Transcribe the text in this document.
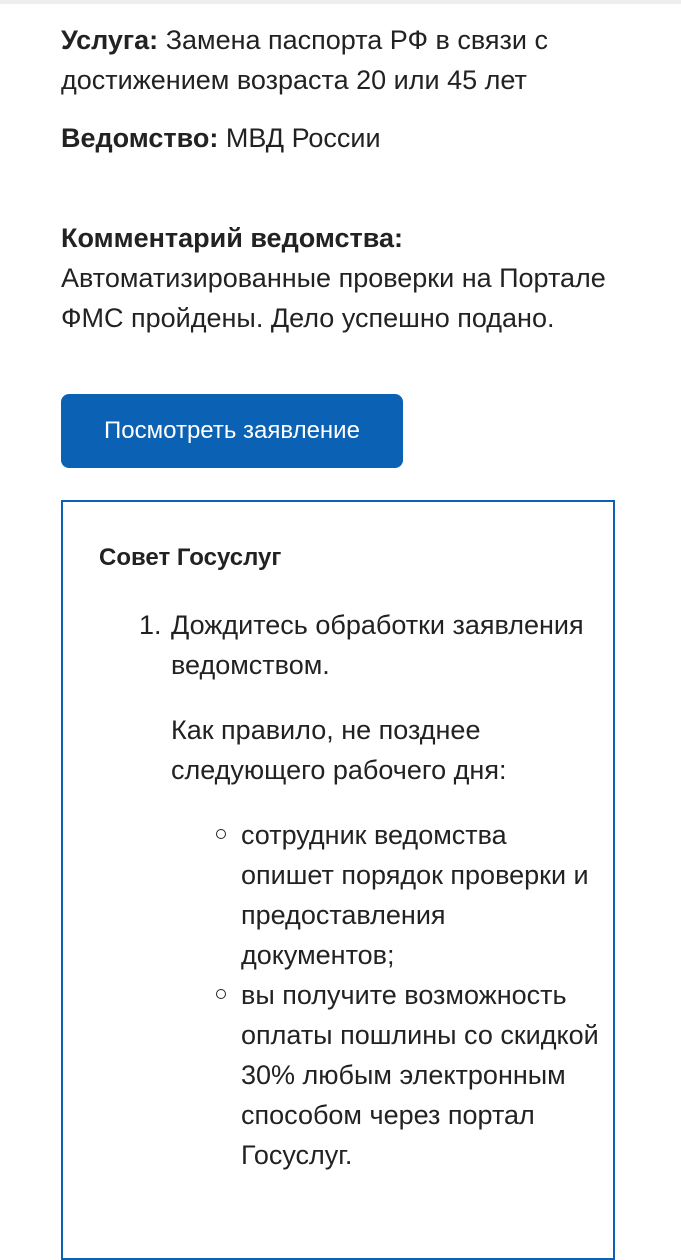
Услуга: Замена паспорта РФ в связи с достижением возраста 20 или 45 лет

Ведомство: МВД России

Комментарий ведомства:
Автоматизированные проверки на Портале ФМС пройдены. Дело успешно подано.
Посмотреть заявление
Совет Госуслуг
1. Дождитесь обработки заявления ведомством.
Как правило, не позднее следующего рабочего дня:
сотрудник ведомства опишет порядок проверки и предоставления документов;
вы получите возможность оплаты пошлины со скидкой 30% любым электронным способом через портал Госуслуг.
